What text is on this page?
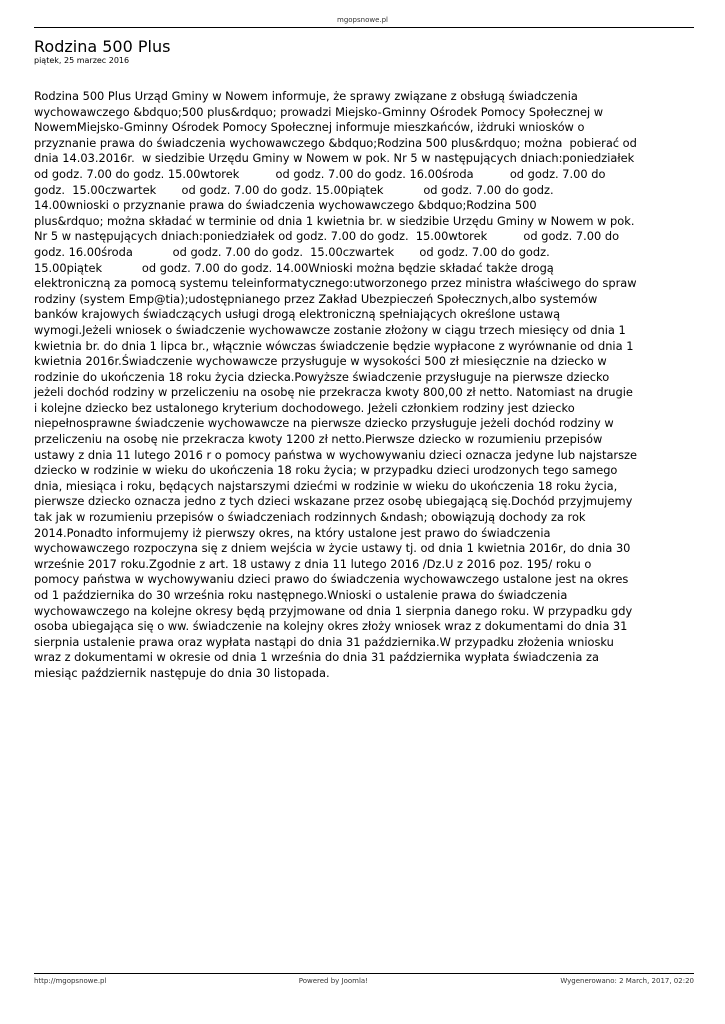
mgopsnowe.pl
Rodzina 500 Plus
piątek, 25 marzec 2016
Rodzina 500 Plus Urząd Gminy w Nowem informuje, że sprawy związane z obsługą świadczenia
wychowawczego &bdquo;500 plus&rdquo; prowadzi Miejsko-Gminny Ośrodek Pomocy Społecznej w
NowemMiejsko-Gminny Ośrodek Pomocy Społecznej informuje mieszkańców, iżdruki wniosków o
przyznanie prawa do świadczenia wychowawczego &bdquo;Rodzina 500 plus&rdquo; można  pobierać od
dnia 14.03.2016r.  w siedzibie Urzędu Gminy w Nowem w pok. Nr 5 w następujących dniach:poniedziałek
od godz. 7.00 do godz. 15.00wtorek          od godz. 7.00 do godz. 16.00środa          od godz. 7.00 do
godz.  15.00czwartek       od godz. 7.00 do godz. 15.00piątek           od godz. 7.00 do godz.
14.00wnioski o przyznanie prawa do świadczenia wychowawczego &bdquo;Rodzina 500
plus&rdquo; można składać w terminie od dnia 1 kwietnia br. w siedzibie Urzędu Gminy w Nowem w pok.
Nr 5 w następujących dniach:poniedziałek od godz. 7.00 do godz.  15.00wtorek          od godz. 7.00 do
godz. 16.00środa           od godz. 7.00 do godz.  15.00czwartek       od godz. 7.00 do godz.
15.00piątek           od godz. 7.00 do godz. 14.00Wnioski można będzie składać także drogą
elektroniczną za pomocą systemu teleinformatycznego:utworzonego przez ministra właściwego do spraw
rodziny (system Emp@tia);udostępnianego przez Zakład Ubezpieczeń Społecznych,albo systemów
banków krajowych świadczących usługi drogą elektroniczną spełniających określone ustawą
wymogi.Jeżeli wniosek o świadczenie wychowawcze zostanie złożony w ciągu trzech miesięcy od dnia 1
kwietnia br. do dnia 1 lipca br., włącznie wówczas świadczenie będzie wypłacone z wyrównanie od dnia 1
kwietnia 2016r.Świadczenie wychowawcze przysługuje w wysokości 500 zł miesięcznie na dziecko w
rodzinie do ukończenia 18 roku życia dziecka.Powyższe świadczenie przysługuje na pierwsze dziecko
jeżeli dochód rodziny w przeliczeniu na osobę nie przekracza kwoty 800,00 zł netto. Natomiast na drugie
i kolejne dziecko bez ustalonego kryterium dochodowego. Jeżeli członkiem rodziny jest dziecko
niepełnosprawne świadczenie wychowawcze na pierwsze dziecko przysługuje jeżeli dochód rodziny w
przeliczeniu na osobę nie przekracza kwoty 1200 zł netto.Pierwsze dziecko w rozumieniu przepisów
ustawy z dnia 11 lutego 2016 r o pomocy państwa w wychowywaniu dzieci oznacza jedyne lub najstarsze
dziecko w rodzinie w wieku do ukończenia 18 roku życia; w przypadku dzieci urodzonych tego samego
dnia, miesiąca i roku, będących najstarszymi dziećmi w rodzinie w wieku do ukończenia 18 roku życia,
pierwsze dziecko oznacza jedno z tych dzieci wskazane przez osobę ubiegającą się.Dochód przyjmujemy
tak jak w rozumieniu przepisów o świadczeniach rodzinnych &ndash; obowiązują dochody za rok
2014.Ponadto informujemy iż pierwszy okres, na który ustalone jest prawo do świadczenia
wychowawczego rozpoczyna się z dniem wejścia w życie ustawy tj. od dnia 1 kwietnia 2016r, do dnia 30
wrześnie 2017 roku.Zgodnie z art. 18 ustawy z dnia 11 lutego 2016 /Dz.U z 2016 poz. 195/ roku o
pomocy państwa w wychowywaniu dzieci prawo do świadczenia wychowawczego ustalone jest na okres
od 1 października do 30 września roku następnego.Wnioski o ustalenie prawa do świadczenia
wychowawczego na kolejne okresy będą przyjmowane od dnia 1 sierpnia danego roku. W przypadku gdy
osoba ubiegająca się o ww. świadczenie na kolejny okres złoży wniosek wraz z dokumentami do dnia 31
sierpnia ustalenie prawa oraz wypłata nastąpi do dnia 31 października.W przypadku złożenia wniosku
wraz z dokumentami w okresie od dnia 1 września do dnia 31 października wypłata świadczenia za
miesiąc październik następuje do dnia 30 listopada.
http://mgopsnowe.pl	Powered by Joomla!	Wygenerowano: 2 March, 2017, 02:20
